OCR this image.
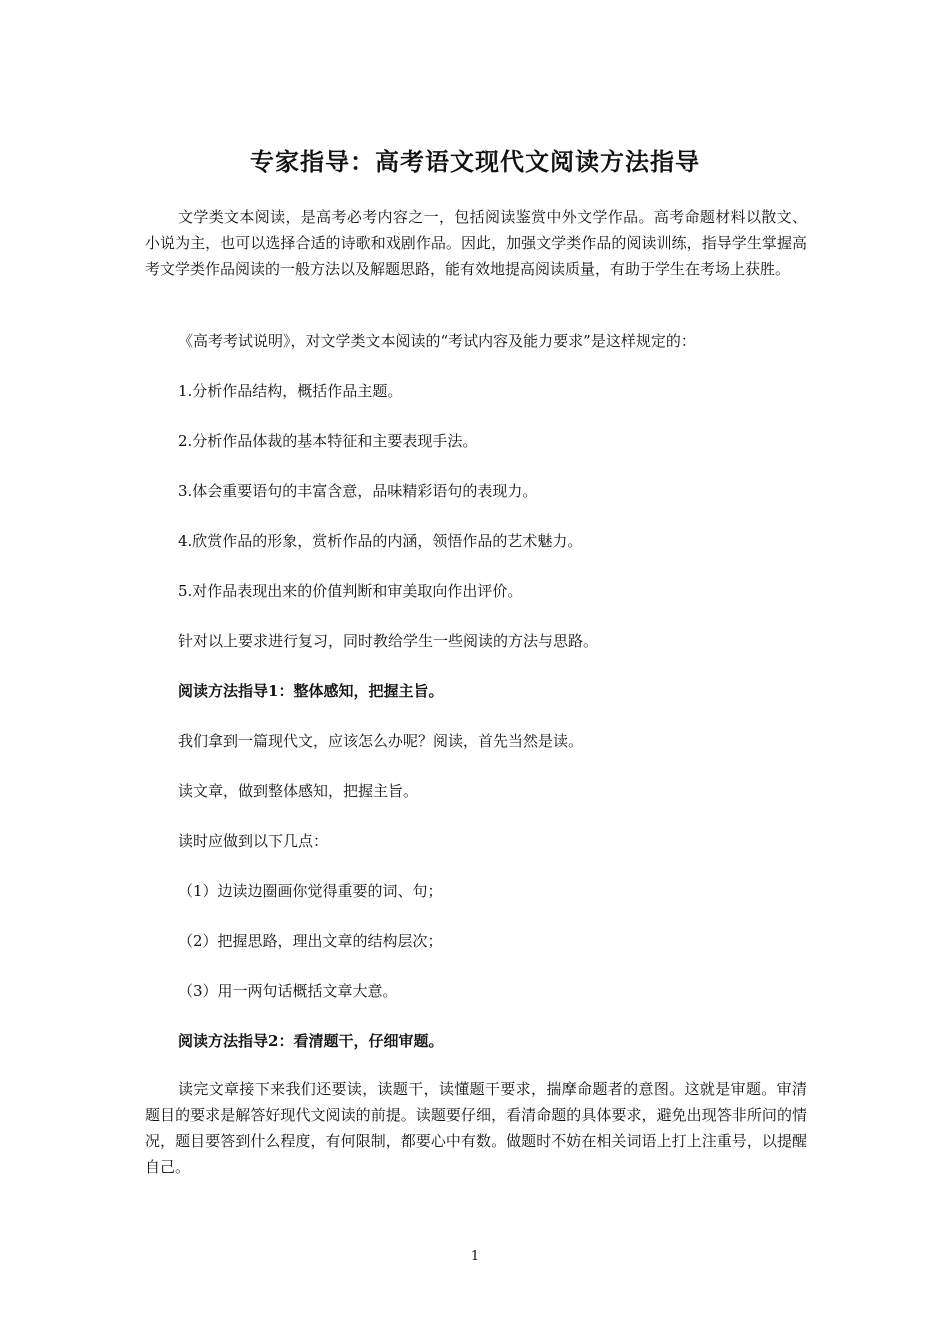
专家指导：高考语文现代文阅读方法指导
文学类文本阅读，是高考必考内容之一，包括阅读鉴赏中外文学作品。高考命题材料以散文、小说为主，也可以选择合适的诗歌和戏剧作品。因此，加强文学类作品的阅读训练，指导学生掌握高考文学类作品阅读的一般方法以及解题思路，能有效地提高阅读质量，有助于学生在考场上获胜。
《高考考试说明》，对文学类文本阅读的“考试内容及能力要求”是这样规定的：
1.分析作品结构，概括作品主题。
2.分析作品体裁的基本特征和主要表现手法。
3.体会重要语句的丰富含意，品味精彩语句的表现力。
4.欣赏作品的形象，赏析作品的内涵，领悟作品的艺术魅力。
5.对作品表现出来的价值判断和审美取向作出评价。
针对以上要求进行复习，同时教给学生一些阅读的方法与思路。
阅读方法指导1：整体感知，把握主旨。
我们拿到一篇现代文，应该怎么办呢？阅读，首先当然是读。
读文章，做到整体感知，把握主旨。
读时应做到以下几点：
（1）边读边圈画你觉得重要的词、句；
（2）把握思路，理出文章的结构层次；
（3）用一两句话概括文章大意。
阅读方法指导2：看清题干，仔细审题。
读完文章接下来我们还要读，读题干，读懂题干要求，揣摩命题者的意图。这就是审题。审清题目的要求是解答好现代文阅读的前提。读题要仔细，看清命题的具体要求，避免出现答非所问的情况，题目要答到什么程度，有何限制，都要心中有数。做题时不妨在相关词语上打上注重号，以提醒自己。
1
